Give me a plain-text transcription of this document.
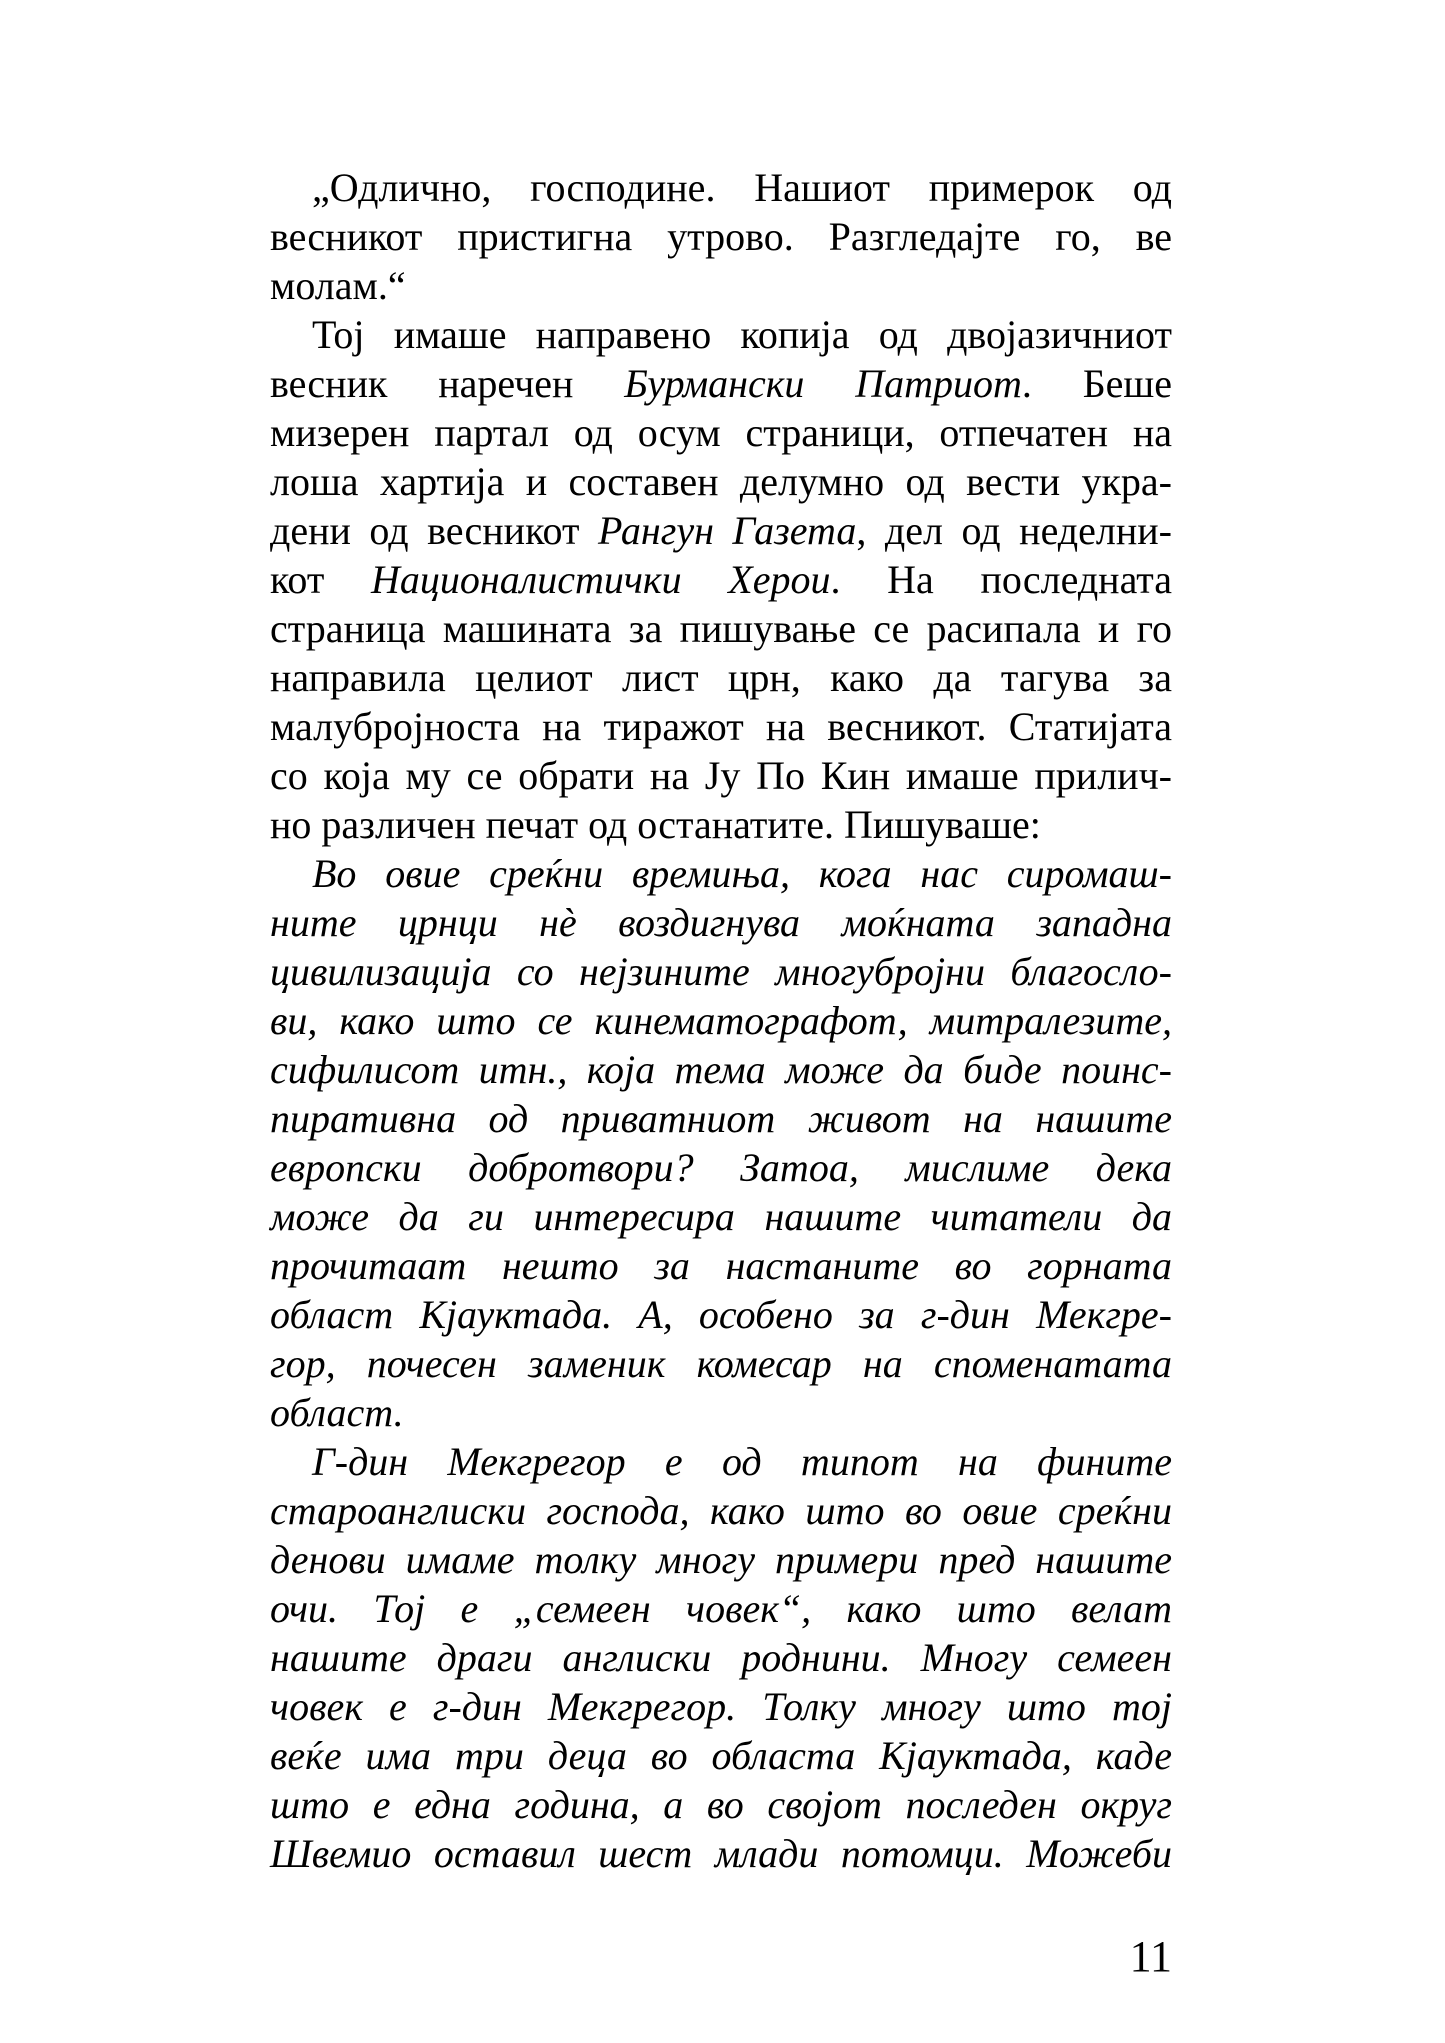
„Одлично, господине. Нашиот примерок од
весникот пристигна утрово. Разгледајте го, ве
молам.“
Тој имаше направено копија од двојазичниот
весник наречен Бурмански Патриот. Беше
мизерен партал од осум страници, отпечатен на
лоша хартија и составен делумно од вести укра-
дени од весникот Рангун Газета, дел од неделни-
кот Националистички Херои. На последната
страница машината за пишување се расипала и го
направила целиот лист црн, како да тагува за
малубројноста на тиражот на весникот. Статијата
со која му се обрати на Ју По Кин имаше прилич-
но различен печат од останатите. Пишуваше:
Во овие среќни времиња, кога нас сиромаш-
ните црнци нѐ воздигнува моќната западна
цивилизација со нејзините многубројни благосло-
ви, како што се кинематографот, митралезите,
сифилисот итн., која тема може да биде поинс-
пиративна од приватниот живот на нашите
европски добротвори? Затоа, мислиме дека
може да ги интересира нашите читатели да
прочитаат нешто за настаните во горната
област Кјауктада. А, особено за г-дин Мекгре-
гор, почесен заменик комесар на споменатата
област.
Г-дин Мекгрегор е од типот на фините
староанглиски господа, како што во овие среќни
денови имаме толку многу примери пред нашите
очи. Тој е „семеен човек“, како што велат
нашите драги англиски роднини. Многу семеен
човек е г-дин Мекгрегор. Толку многу што тој
веќе има три деца во областа Кјауктада, каде
што е една година, а во својот последен округ
Швемио оставил шест млади потомци. Можеби
11
